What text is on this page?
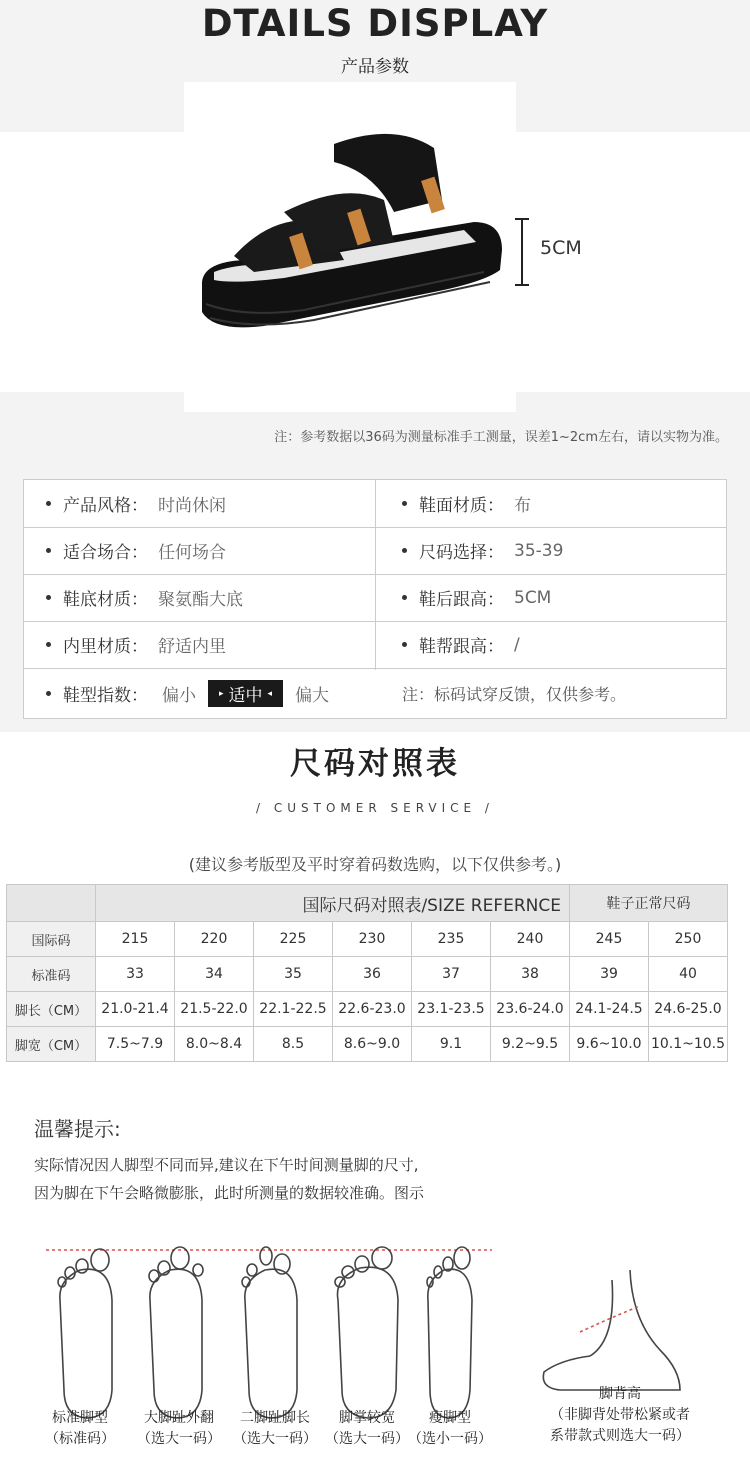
DTAILS DISPLAY
产品参数
5CM
注：参考数据以36码为测量标准手工测量，误差1~2cm左右，请以实物为准。
产品风格： 时尚休闲	鞋面材质： 布
适合场合： 任何场合	尺码选择： 35-39
鞋底材质： 聚氨酯大底	鞋后跟高： 5CM
内里材质： 舒适内里	鞋帮跟高： /
鞋型指数： 偏小	▸ 适中 ◂ 偏大	注：标码试穿反馈，仅供参考。
尺码对照表
/ CUSTOMER SERVICE /
(建议参考版型及平时穿着码数选购，以下仅供参考。)
	国际尺码对照表/SIZE REFERNCE						鞋子正常尺码	
国际码	215	220	225	230	235	240	245	250
标准码	33	34	35	36	37	38	39	40
脚长（CM）	21.0-21.4	21.5-22.0	22.1-22.5	22.6-23.0	23.1-23.5	23.6-24.0	24.1-24.5	24.6-25.0
脚宽（CM）	7.5~7.9	8.0~8.4	8.5	8.6~9.0	9.1	9.2~9.5	9.6~10.0	10.1~10.5
温馨提示:
实际情况因人脚型不同而异,建议在下午时间测量脚的尺寸,
因为脚在下午会略微膨胀，此时所测量的数据较准确。图示
标准脚型
（标准码）
大脚趾外翻
（选大一码）
二脚趾脚长
（选大一码）
脚掌较宽
（选大一码）
瘦脚型
（选小一码）
脚背高
（非脚背处带松紧或者
系带款式则选大一码）
